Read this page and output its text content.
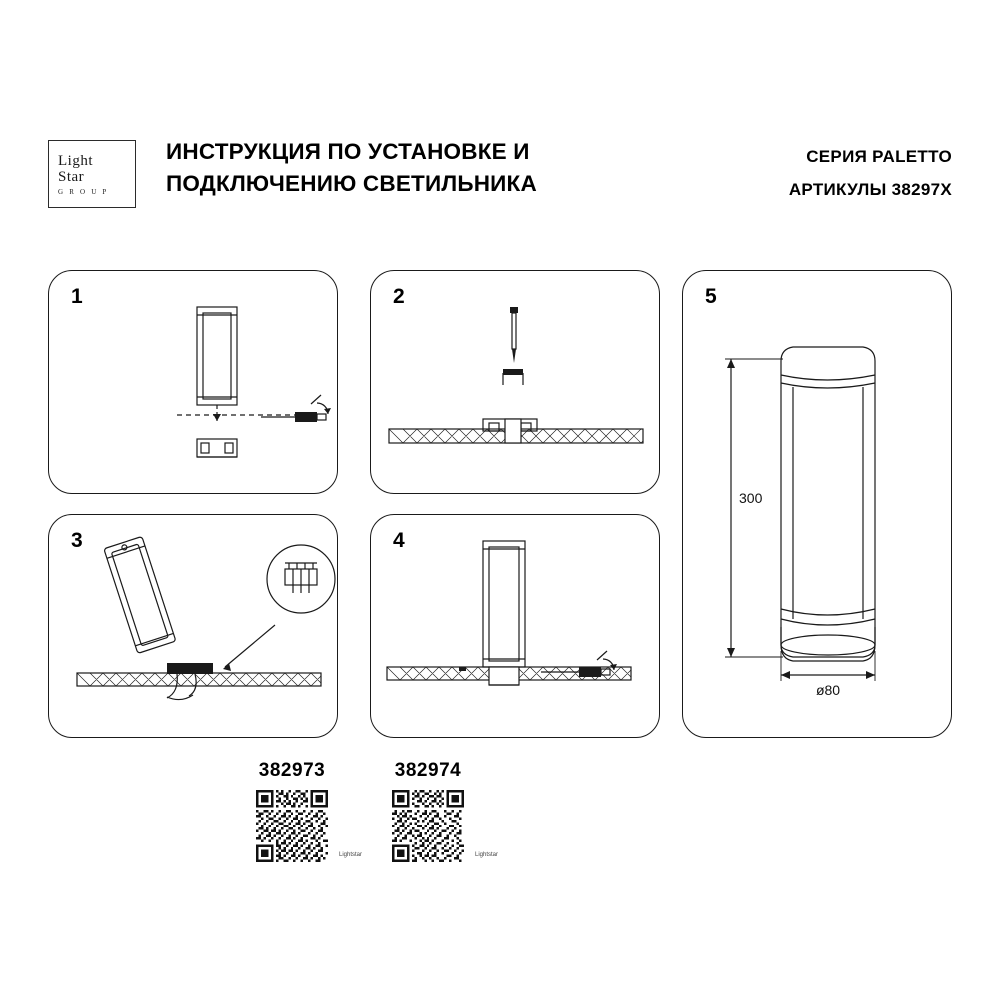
Light
Star
G R O U P
ИНСТРУКЦИЯ ПО УСТАНОВКЕ И ПОДКЛЮЧЕНИЮ СВЕТИЛЬНИКА
СЕРИЯ PALETTO
АРТИКУЛЫ 38297X
1	2
3	4
5
300
ø80
382973
Lightstar
382974
Lightstar
